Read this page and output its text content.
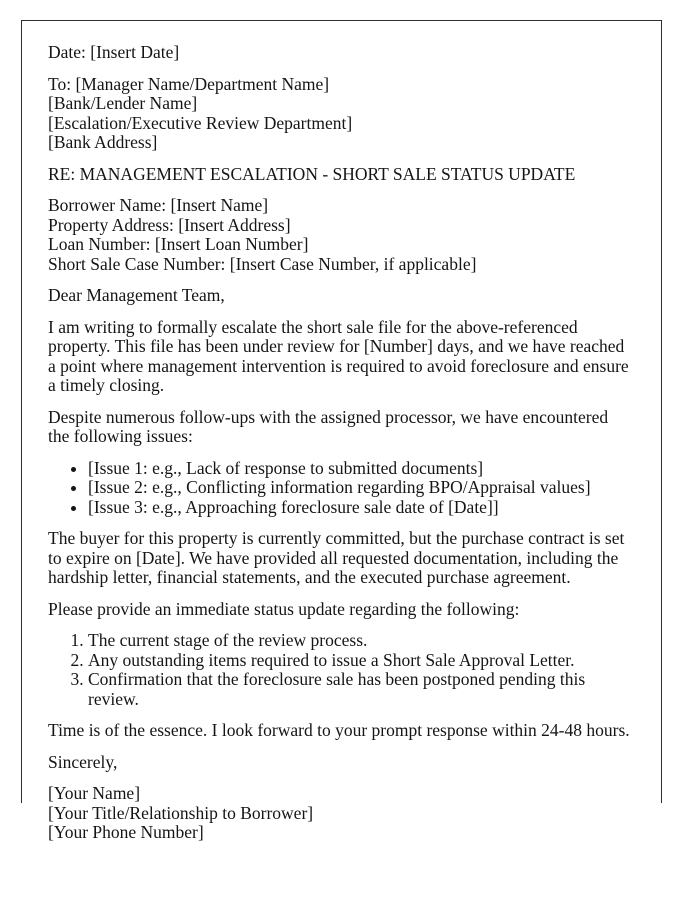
Date: [Insert Date]

To: [Manager Name/Department Name]
[Bank/Lender Name]
[Escalation/Executive Review Department]
[Bank Address]

RE: MANAGEMENT ESCALATION - SHORT SALE STATUS UPDATE

Borrower Name: [Insert Name]
Property Address: [Insert Address]
Loan Number: [Insert Loan Number]
Short Sale Case Number: [Insert Case Number, if applicable]

Dear Management Team,

I am writing to formally escalate the short sale file for the above-referenced property. This file has been under review for [Number] days, and we have reached a point where management intervention is required to avoid foreclosure and ensure a timely closing.

Despite numerous follow-ups with the assigned processor, we have encountered the following issues:

• [Issue 1: e.g., Lack of response to submitted documents]
• [Issue 2: e.g., Conflicting information regarding BPO/Appraisal values]
• [Issue 3: e.g., Approaching foreclosure sale date of [Date]]

The buyer for this property is currently committed, but the purchase contract is set to expire on [Date]. We have provided all requested documentation, including the hardship letter, financial statements, and the executed purchase agreement.

Please provide an immediate status update regarding the following:

1. The current stage of the review process.
2. Any outstanding items required to issue a Short Sale Approval Letter.
3. Confirmation that the foreclosure sale has been postponed pending this review.

Time is of the essence. I look forward to your prompt response within 24-48 hours.

Sincerely,

[Your Name]
[Your Title/Relationship to Borrower]
[Your Phone Number]
